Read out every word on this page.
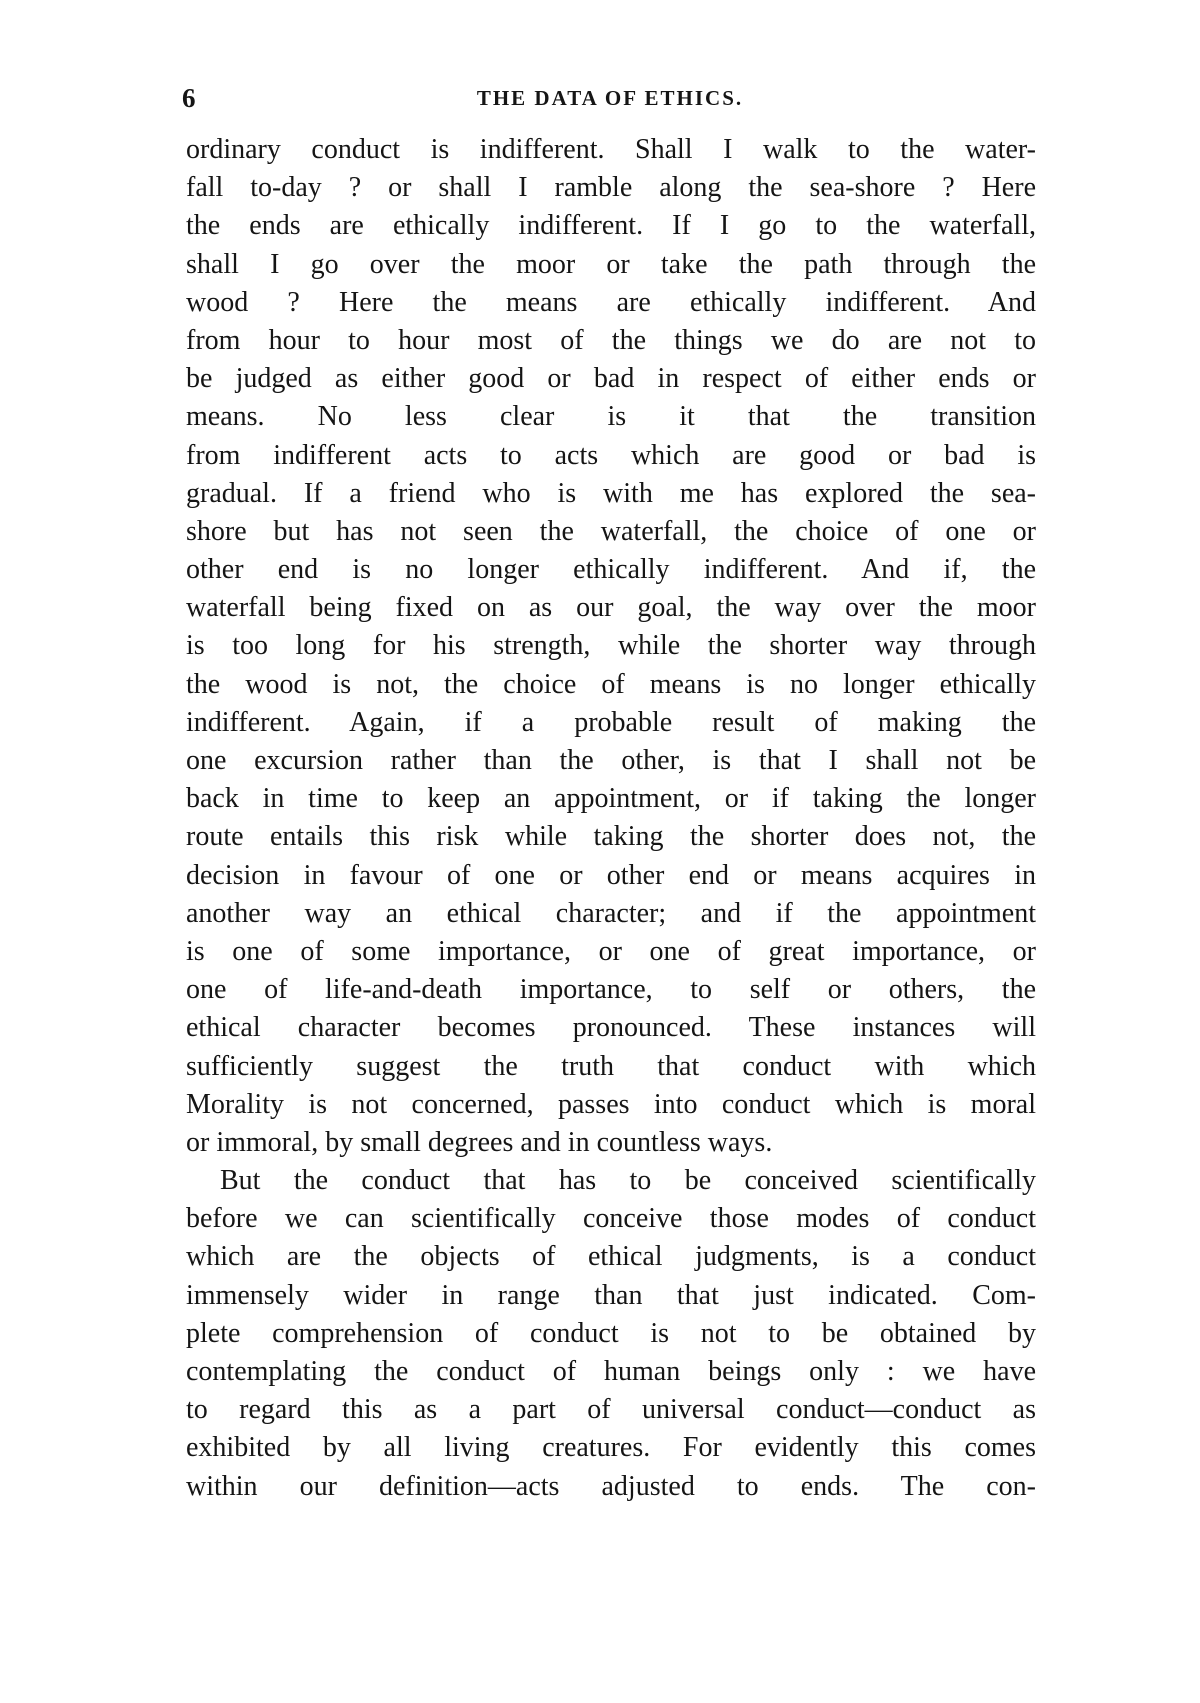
6	THE DATA OF ETHICS.
ordinary conduct is indifferent. Shall I walk to the water-
fall to-day ? or shall I ramble along the sea-shore ? Here
the ends are ethically indifferent. If I go to the waterfall,
shall I go over the moor or take the path through the
wood ? Here the means are ethically indifferent. And
from hour to hour most of the things we do are not to
be judged as either good or bad in respect of either ends or
means. No less clear is it that the transition
from indifferent acts to acts which are good or bad is
gradual. If a friend who is with me has explored the sea-
shore but has not seen the waterfall, the choice of one or
other end is no longer ethically indifferent. And if, the
waterfall being fixed on as our goal, the way over the moor
is too long for his strength, while the shorter way through
the wood is not, the choice of means is no longer ethically
indifferent. Again, if a probable result of making the
one excursion rather than the other, is that I shall not be
back in time to keep an appointment, or if taking the longer
route entails this risk while taking the shorter does not, the
decision in favour of one or other end or means acquires in
another way an ethical character; and if the appointment
is one of some importance, or one of great importance, or
one of life-and-death importance, to self or others, the
ethical character becomes pronounced. These instances will
sufficiently suggest the truth that conduct with which
Morality is not concerned, passes into conduct which is moral
or immoral, by small degrees and in countless ways.
But the conduct that has to be conceived scientifically
before we can scientifically conceive those modes of conduct
which are the objects of ethical judgments, is a conduct
immensely wider in range than that just indicated. Com-
plete comprehension of conduct is not to be obtained by
contemplating the conduct of human beings only : we have
to regard this as a part of universal conduct—conduct as
exhibited by all living creatures. For evidently this comes
within our definition—acts adjusted to ends. The con-
